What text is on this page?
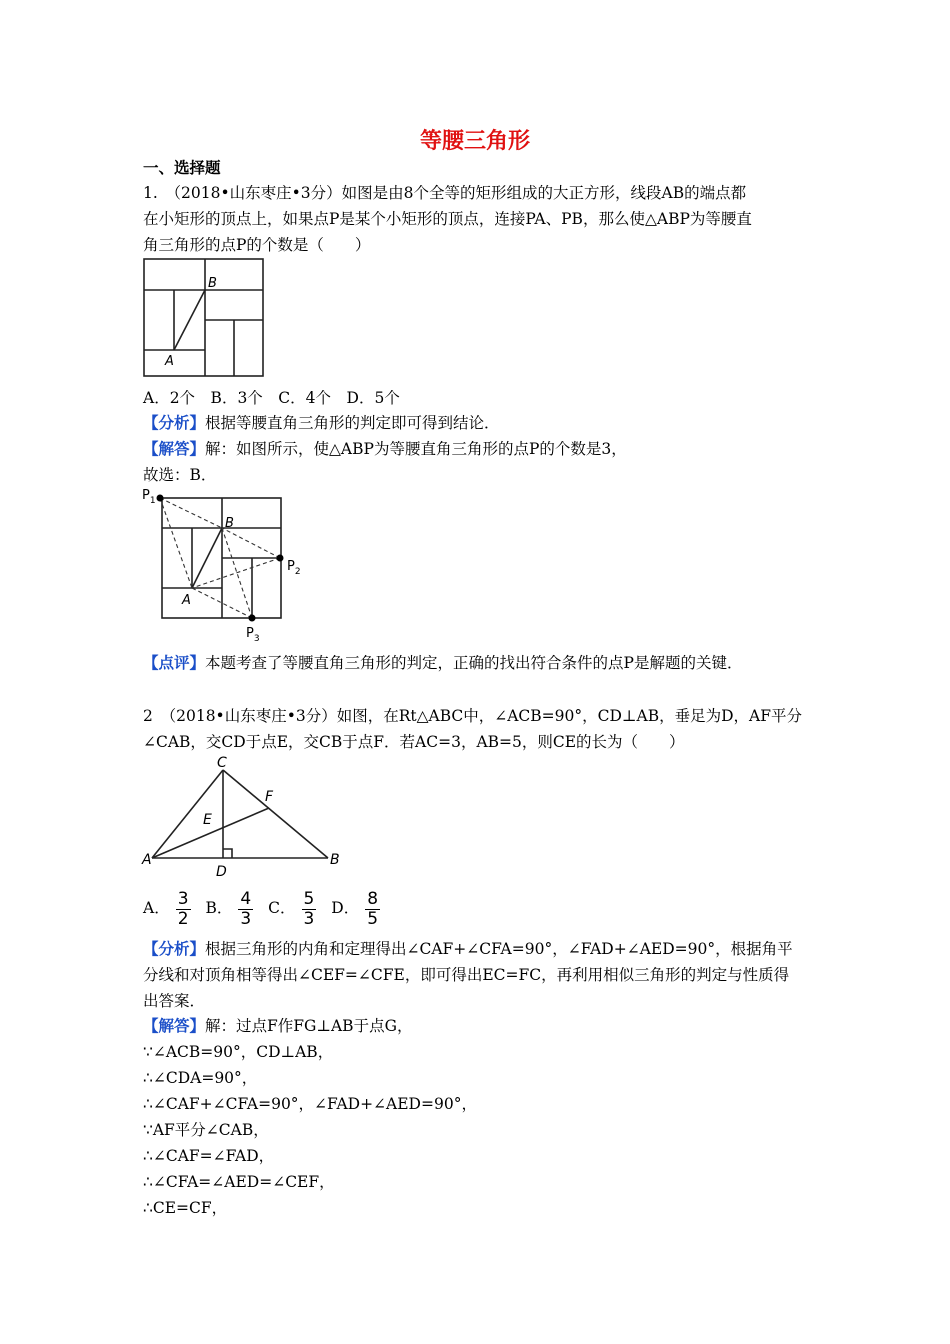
等腰三角形
一、选择题
1.　（2018•山东枣庄•3分）如图是由8个全等的矩形组成的大正方形，线段AB的端点都
在小矩形的顶点上，如果点P是某个小矩形的顶点，连接PA、PB，那么使△ABP为等腰直
角三角形的点P的个数是（　　）
B
A
A．2个　B．3个　C．4个　D．5个
【分析】根据等腰直角三角形的判定即可得到结论．
【解答】解：如图所示，使△ABP为等腰直角三角形的点P的个数是3，
故选：B．
$P_1$
$P_2$
$P_3$
B
A
【点评】本题考查了等腰直角三角形的判定，正确的找出符合条件的点P是解题的关键．
2　（2018•山东枣庄•3分）如图，在Rt△ABC中，∠ACB=90°，CD⊥AB，垂足为D，AF平分
∠CAB，交CD于点E，交CB于点F．若AC=3，AB=5，则CE的长为（　　）
C
F
E
A	B
D
A． $\frac{3}{2}$ B． $\frac{4}{3}$ C． $\frac{5}{3}$ D． $\frac{8}{5}$
【分析】根据三角形的内角和定理得出∠CAF+∠CFA=90°，∠FAD+∠AED=90°，根据角平
分线和对顶角相等得出∠CEF=∠CFE，即可得出EC=FC，再利用相似三角形的判定与性质得
出答案．
【解答】解：过点F作FG⊥AB于点G，
∵∠ACB=90°，CD⊥AB，
∴∠CDA=90°，
∴∠CAF+∠CFA=90°，∠FAD+∠AED=90°，
∵AF平分∠CAB，
∴∠CAF=∠FAD，
∴∠CFA=∠AED=∠CEF，
∴CE=CF，
